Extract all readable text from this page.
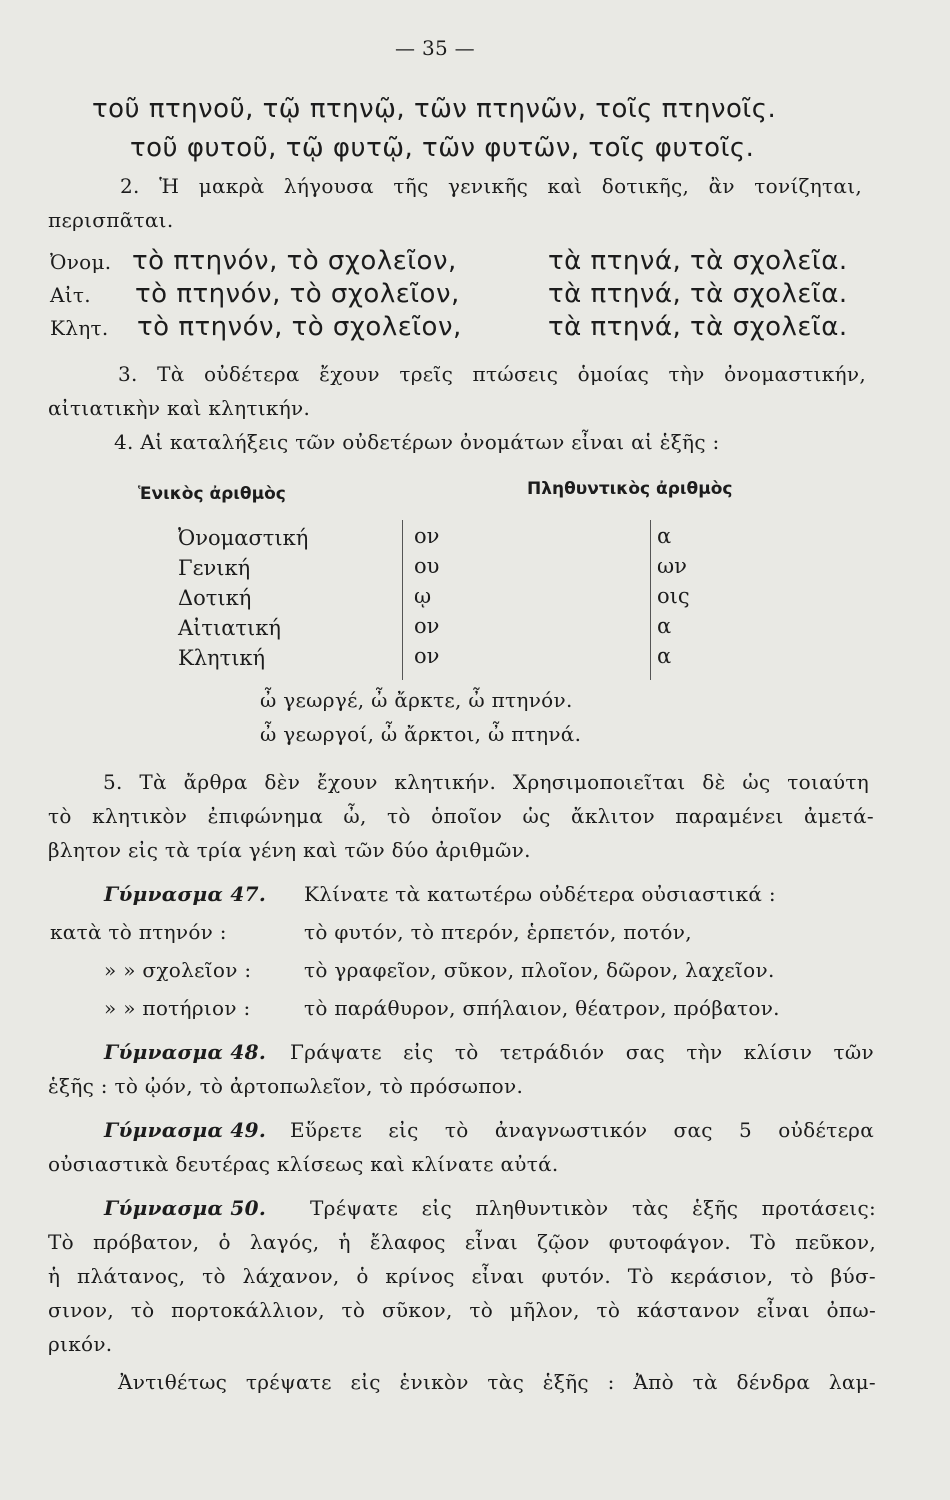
— 35 —
τοῦ πτηνοῦ, τῷ πτηνῷ, τῶν πτηνῶν, τοῖς πτηνοῖς.
τοῦ φυτοῦ, τῷ φυτῷ, τῶν φυτῶν, τοῖς φυτοῖς.
2. Ἡ μακρὰ λήγουσα τῆς γενικῆς καὶ δοτικῆς, ἂν τονίζηται,
περισπᾶται.
Ὀνομ. τὸ πτηνόν, τὸ σχολεῖον,	τὰ πτηνά, τὰ σχολεῖα.
Αἰτ. τὸ πτηνόν, τὸ σχολεῖον,	τὰ πτηνά, τὰ σχολεῖα.
Κλητ. τὸ πτηνόν, τὸ σχολεῖον,	τὰ πτηνά, τὰ σχολεῖα.
3. Τὰ οὐδέτερα ἔχουν τρεῖς πτώσεις ὁμοίας τὴν ὀνομαστικήν,
αἰτιατικὴν καὶ κλητικήν.
4. Αἱ καταλήξεις τῶν οὐδετέρων ὀνομάτων εἶναι αἱ ἑξῆς :
Ἑνικὸς ἀριθμὸς	Πληθυντικὸς ἀριθμὸς
Ὀνομαστική	ον	α
Γενική	ου	ων
Δοτική	ῳ	οις
Αἰτιατική	ον	α
Κλητική	ον	α
ὦ γεωργέ, ὦ ἄρκτε, ὦ πτηνόν.
ὦ γεωργοί, ὦ ἄρκτοι, ὦ πτηνά.
5. Τὰ ἄρθρα δὲν ἔχουν κλητικήν. Χρησιμοποιεῖται δὲ ὡς τοιαύτη
τὸ κλητικὸν ἐπιφώνημα ὦ, τὸ ὁποῖον ὡς ἄκλιτον παραμένει ἀμετά-
βλητον εἰς τὰ τρία γένη καὶ τῶν δύο ἀριθμῶν.
Γύμνασμα 47. Κλίνατε τὰ κατωτέρω οὐδέτερα οὐσιαστικά :
κατὰ τὸ πτηνόν :	τὸ φυτόν, τὸ πτερόν, ἑρπετόν, ποτόν,
» » σχολεῖον :	τὸ γραφεῖον, σῦκον, πλοῖον, δῶρον, λαχεῖον.
» » ποτήριον :	τὸ παράθυρον, σπήλαιον, θέατρον, πρόβατον.
Γύμνασμα 48. Γράψατε εἰς τὸ τετράδιόν σας τὴν κλίσιν τῶν
ἑξῆς : τὸ ᾠόν, τὸ ἀρτοπωλεῖον, τὸ πρόσωπον.
Γύμνασμα 49. Εὕρετε εἰς τὸ ἀναγνωστικόν σας 5 οὐδέτερα
οὐσιαστικὰ δευτέρας κλίσεως καὶ κλίνατε αὐτά.
Γύμνασμα 50. Τρέψατε εἰς πληθυντικὸν τὰς ἑξῆς προτάσεις:
Τὸ πρόβατον, ὁ λαγός, ἡ ἔλαφος εἶναι ζῷον φυτοφάγον. Τὸ πεῦκον,
ἡ πλάτανος, τὸ λάχανον, ὁ κρίνος εἶναι φυτόν. Τὸ κεράσιον, τὸ βύσ-
σινον, τὸ πορτοκάλλιον, τὸ σῦκον, τὸ μῆλον, τὸ κάστανον εἶναι ὀπω-
ρικόν.
Ἀντιθέτως τρέψατε εἰς ἑνικὸν τὰς ἑξῆς : Ἀπὸ τὰ δένδρα λαμ-
